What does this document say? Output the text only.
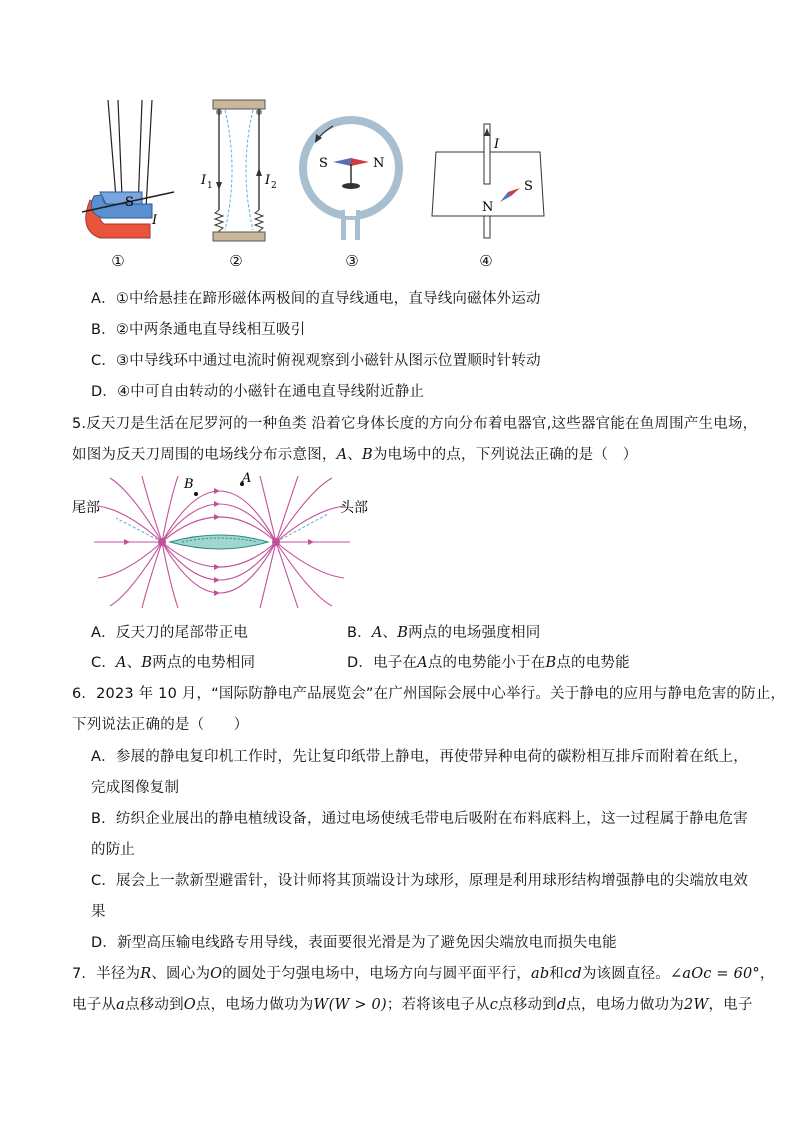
S
I
①
I 1	I 2
②
S	N
③
I
S
N
④
A．①中给悬挂在蹄形磁体两极间的直导线通电，直导线向磁体外运动
B．②中两条通电直导线相互吸引
C．③中导线环中通过电流时俯视观察到小磁针从图示位置顺时针转动
D．④中可自由转动的小磁针在通电直导线附近静止
5.反天刀是生活在尼罗河的一种鱼类 沿着它身体长度的方向分布着电器官,这些器官能在鱼周围产生电场，
如图为反天刀周围的电场线分布示意图，A、B为电场中的点，下列说法正确的是（　）
B	A
尾部	头部
A．反天刀的尾部带正电	B．A、B两点的电场强度相同
C．A、B两点的电势相同	D．电子在A点的电势能小于在B点的电势能
6．2023 年 10 月，“国际防静电产品展览会”在广州国际会展中心举行。关于静电的应用与静电危害的防止，
下列说法正确的是（　　）
A．参展的静电复印机工作时，先让复印纸带上静电，再使带异种电荷的碳粉相互排斥而附着在纸上，
完成图像复制
B．纺织企业展出的静电植绒设备，通过电场使绒毛带电后吸附在布料底料上，这一过程属于静电危害
的防止
C．展会上一款新型避雷针，设计师将其顶端设计为球形，原理是利用球形结构增强静电的尖端放电效
果
D．新型高压输电线路专用导线，表面要很光滑是为了避免因尖端放电而损失电能
7．半径为R、圆心为O的圆处于匀强电场中，电场方向与圆平面平行，ab和cd为该圆直径。∠aOc = 60°，
电子从a点移动到O点，电场力做功为W(W > 0)；若将该电子从c点移动到d点，电场力做功为2W，电子
